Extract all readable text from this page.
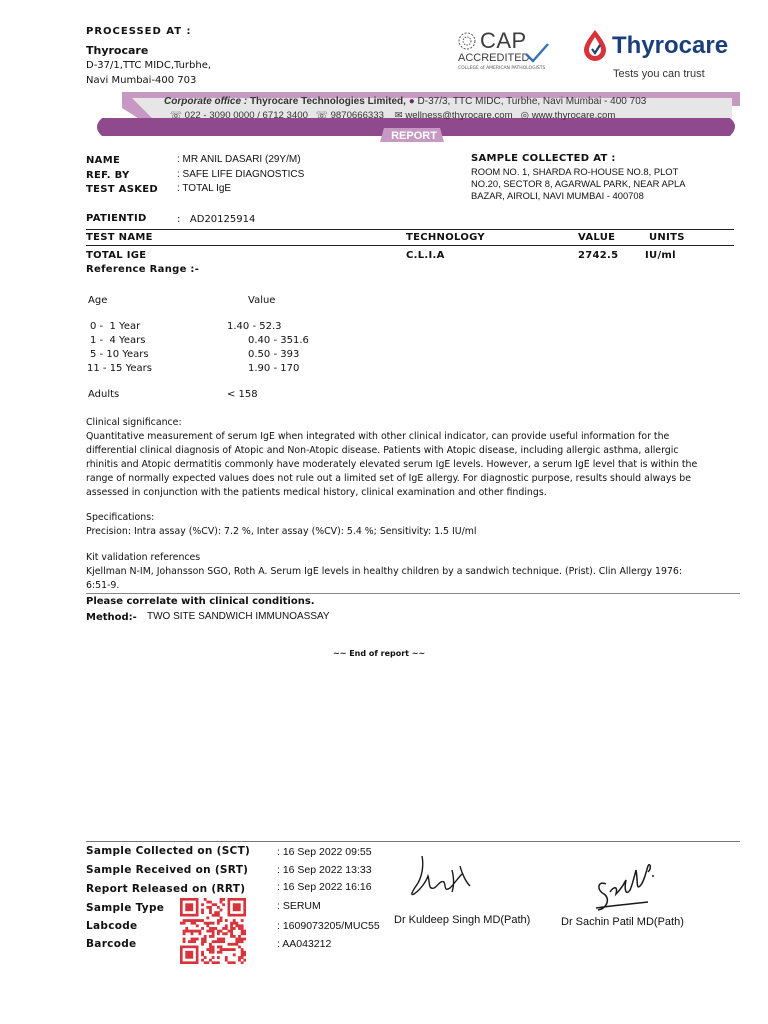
PROCESSED AT :
Thyrocare
D-37/1,TTC MIDC,Turbhe,
Navi Mumbai-400 703
CAP
ACCREDITED
COLLEGE of AMERICAN PATHOLOGISTS
Thyrocare
Tests you can trust
Corporate office : Thyrocare Technologies Limited, ● D-37/3, TTC MIDC, Turbhe, Navi Mumbai - 400 703
☏ 022 - 3090 0000 / 6712 3400 ☏ 9870666333 ✉ wellness@thyrocare.com ◎ www.thyrocare.com
REPORT
NAME	: MR ANIL DASARI (29Y/M)
REF. BY	: SAFE LIFE DIAGNOSTICS
TEST ASKED : TOTAL IgE
PATIENTID	:   AD20125914
SAMPLE COLLECTED AT :
ROOM NO. 1, SHARDA RO-HOUSE NO.8, PLOT
NO.20, SECTOR 8, AGARWAL PARK, NEAR APLA
BAZAR, AIROLI, NAVI MUMBAI - 400708
TEST NAME	TECHNOLOGY	VALUE	UNITS
TOTAL IGE	C.L.I.A	2742.5	IU/ml
Reference Range :-
Age	Value
0 -  1 Year	1.40 - 52.3
1 -  4 Years	0.40 - 351.6
5 - 10 Years	0.50 - 393
11 - 15 Years	1.90 - 170
Adults	< 158
Clinical significance:
Quantitative measurement of serum IgE when integrated with other clinical indicator, can provide useful information for the
differential clinical diagnosis of Atopic and Non-Atopic disease. Patients with Atopic disease, including allergic asthma, allergic
rhinitis and Atopic dermatitis commonly have moderately elevated serum IgE levels. However, a serum IgE level that is within the
range of normally expected values does not rule out a limited set of IgE allergy. For diagnostic purpose, results should always be
assessed in conjunction with the patients medical history, clinical examination and other findings.
Specifications:
Precision: Intra assay (%CV): 7.2 %, Inter assay (%CV): 5.4 %; Sensitivity: 1.5 IU/ml
Kit validation references
Kjellman N-IM, Johansson SGO, Roth A. Serum IgE levels in healthy children by a sandwich technique. (Prist). Clin Allergy 1976:
6:51-9.
Please correlate with clinical conditions.
Method:- TWO SITE SANDWICH IMMUNOASSAY
~~ End of report ~~
Sample Collected on (SCT)	: 16 Sep 2022 09:55
Sample Received on (SRT)	: 16 Sep 2022 13:33
Report Released on (RRT)	: 16 Sep 2022 16:16
Sample Type	: SERUM
Labcode	: 1609073205/MUC55
Barcode	: AA043212
Dr Kuldeep Singh MD(Path)	Dr Sachin Patil MD(Path)
